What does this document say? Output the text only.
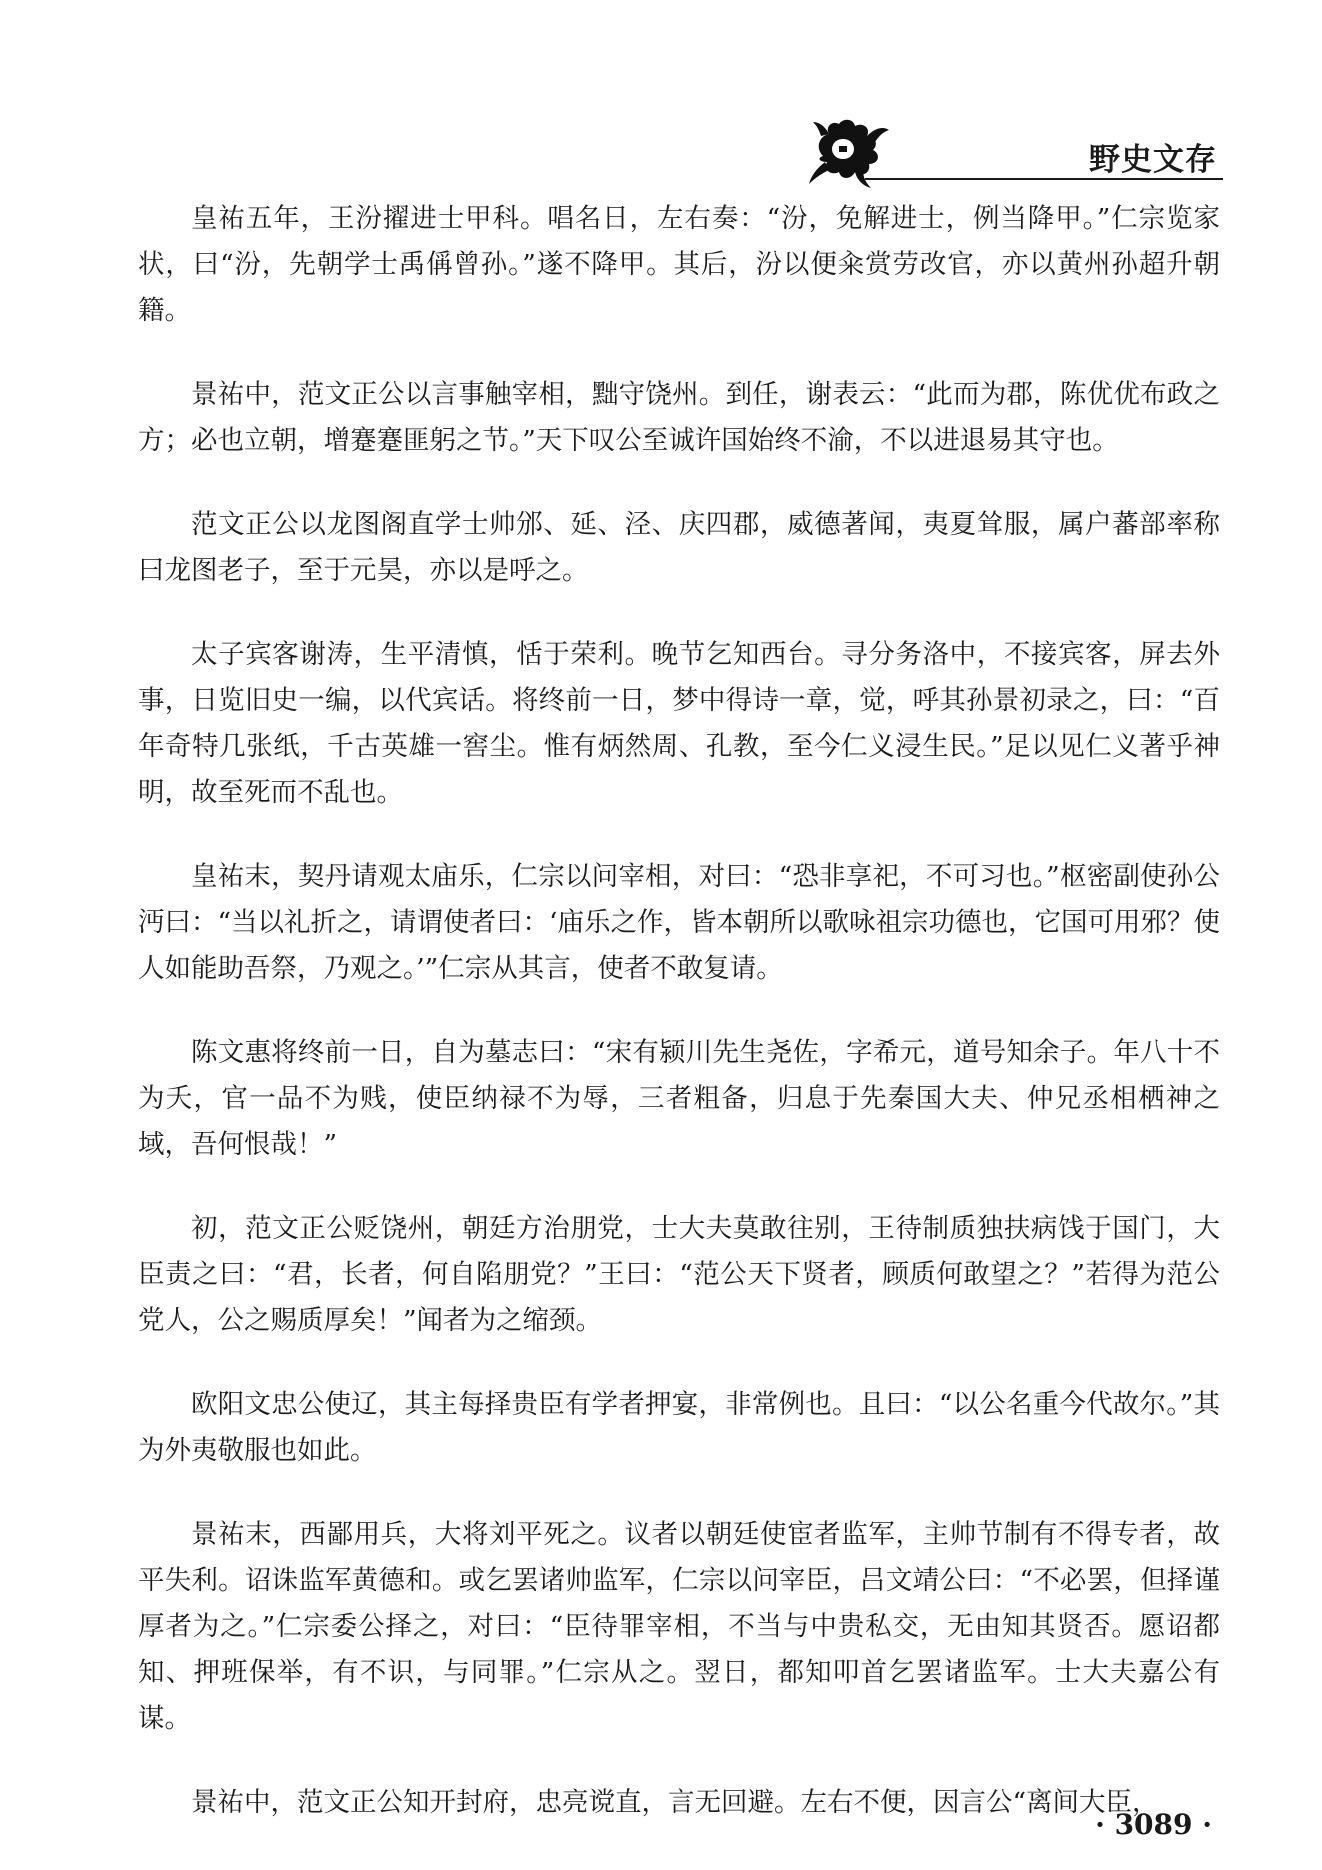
野史文存

皇祐五年，王汾擢进士甲科。唱名日，左右奏：“汾，免解进士，例当降甲。”仁宗览家状，曰“汾，先朝学士禹偁曾孙。”遂不降甲。其后，汾以便籴赏劳改官，亦以黄州孙超升朝籍。

景祐中，范文正公以言事触宰相，黜守饶州。到任，谢表云：“此而为郡，陈优优布政之方；必也立朝，增蹇蹇匪躬之节。”天下叹公至诚许国始终不渝，不以进退易其守也。

范文正公以龙图阁直学士帅邠、延、泾、庆四郡，威德著闻，夷夏耸服，属户蕃部率称曰龙图老子，至于元昊，亦以是呼之。

太子宾客谢涛，生平清慎，恬于荣利。晚节乞知西台。寻分务洛中，不接宾客，屏去外事，日览旧史一编，以代宾话。将终前一日，梦中得诗一章，觉，呼其孙景初录之，曰：“百年奇特几张纸，千古英雄一窖尘。惟有炳然周、孔教，至今仁义浸生民。”足以见仁义著乎神明，故至死而不乱也。

皇祐末，契丹请观太庙乐，仁宗以问宰相，对曰：“恐非享祀，不可习也。”枢密副使孙公沔曰：“当以礼折之，请谓使者曰：‘庙乐之作，皆本朝所以歌咏祖宗功德也，它国可用邪？使人如能助吾祭，乃观之。’”仁宗从其言，使者不敢复请。

陈文惠将终前一日，自为墓志曰：“宋有颍川先生尧佐，字希元，道号知余子。年八十不为夭，官一品不为贱，使臣纳禄不为辱，三者粗备，归息于先秦国大夫、仲兄丞相栖神之域，吾何恨哉！”

初，范文正公贬饶州，朝廷方治朋党，士大夫莫敢往别，王待制质独扶病饯于国门，大臣责之曰：“君，长者，何自陷朋党？”王曰：“范公天下贤者，顾质何敢望之？”若得为范公党人，公之赐质厚矣！”闻者为之缩颈。

欧阳文忠公使辽，其主每择贵臣有学者押宴，非常例也。且曰：“以公名重今代故尔。”其为外夷敬服也如此。

景祐末，西鄙用兵，大将刘平死之。议者以朝廷使宦者监军，主帅节制有不得专者，故平失利。诏诛监军黄德和。或乞罢诸帅监军，仁宗以问宰臣，吕文靖公曰：“不必罢，但择谨厚者为之。”仁宗委公择之，对曰：“臣待罪宰相，不当与中贵私交，无由知其贤否。愿诏都知、押班保举，有不识，与同罪。”仁宗从之。翌日，都知叩首乞罢诸监军。士大夫嘉公有谋。

景祐中，范文正公知开封府，忠亮谠直，言无回避。左右不便，因言公“离间大臣，

· 3089 ·
